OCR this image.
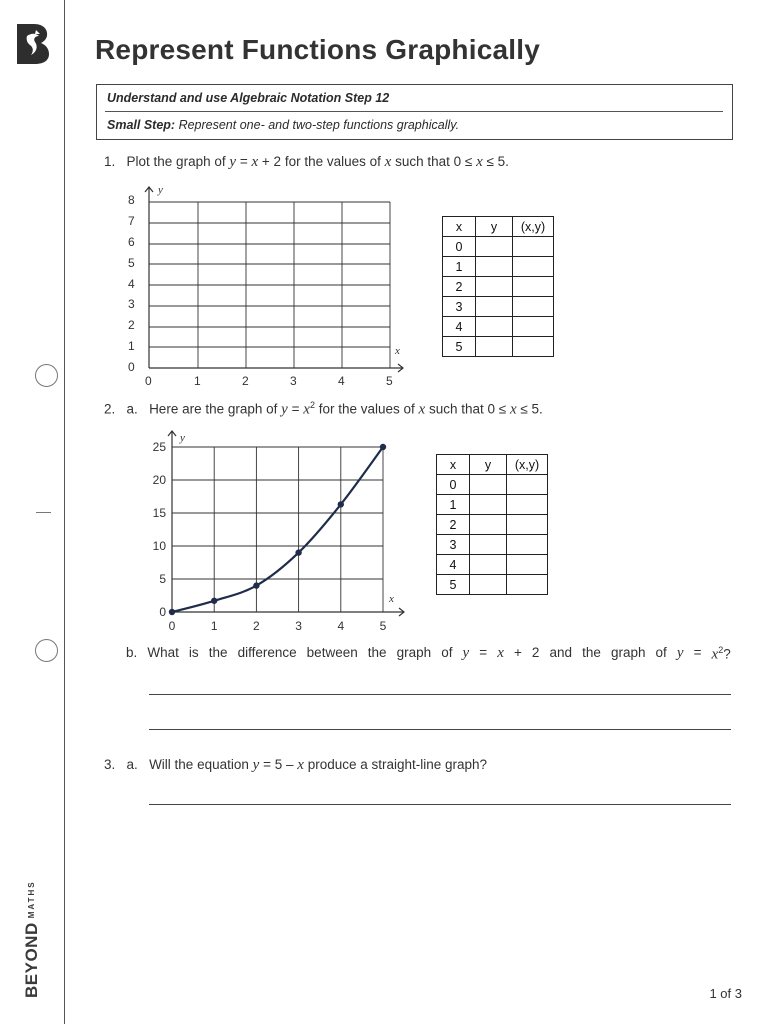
BEYONDMATHS
Represent Functions Graphically
Understand and use Algebraic Notation Step 12
Small Step: Represent one- and two-step functions graphically.
1. Plot the graph of y = x + 2 for the values of x such that 0 ≤ x ≤ 5.
0	1	2	3	4	5
0
1
2
3
4
5
6
7
8
x
y
x	y	(x,y)
0		
1		
2		
3		
4		
5		
2. a. Here are the graph of $y = x^2$ for the values of x such that 0 ≤ x ≤ 5.
0	1	2	3	4	5
0
5
10
15
20
25
x
y
x	y	(x,y)
0		
1		
2		
3		
4		
5		
b. What is the difference between the graph of y = x + 2 and the graph of $y = x^2$?
3. a. Will the equation y = 5 – x produce a straight-line graph?
1 of 3
